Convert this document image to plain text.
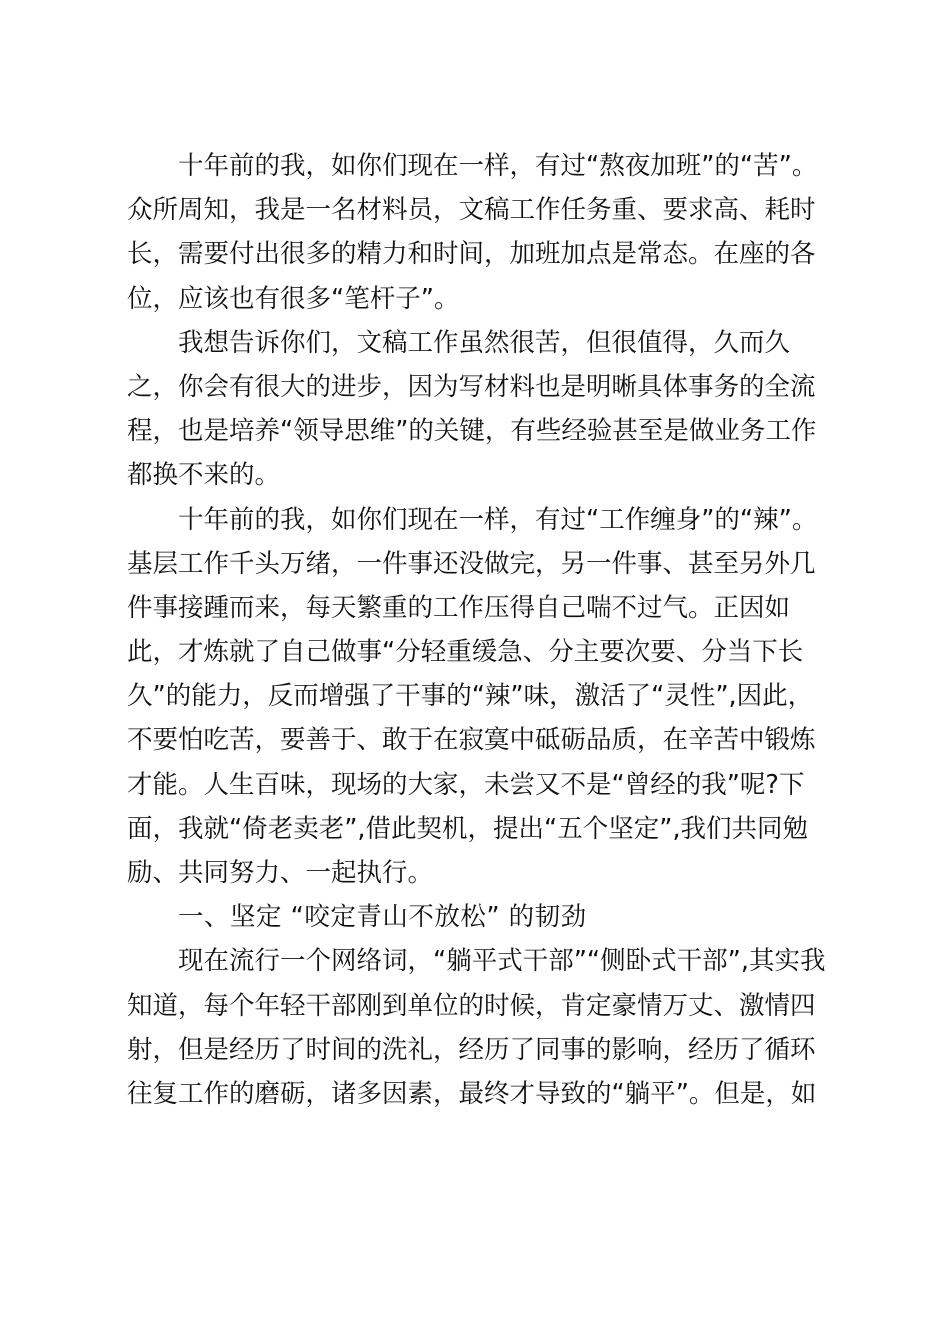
十年前的我，如你们现在一样，有过“熬夜加班”的“苦”。
众所周知，我是一名材料员，文稿工作任务重、要求高、耗时
长，需要付出很多的精力和时间，加班加点是常态。在座的各
位，应该也有很多“笔杆子”。
我想告诉你们，文稿工作虽然很苦，但很值得，久而久
之，你会有很大的进步，因为写材料也是明晰具体事务的全流
程，也是培养“领导思维”的关键，有些经验甚至是做业务工作
都换不来的。
十年前的我，如你们现在一样，有过“工作缠身”的“辣”。
基层工作千头万绪，一件事还没做完，另一件事、甚至另外几
件事接踵而来，每天繁重的工作压得自己喘不过气。正因如
此，才炼就了自己做事“分轻重缓急、分主要次要、分当下长
久”的能力，反而增强了干事的“辣”味，激活了“灵性”,因此，
不要怕吃苦，要善于、敢于在寂寞中砥砺品质，在辛苦中锻炼
才能。人生百味，现场的大家，未尝又不是“曾经的我”呢?下
面，我就“倚老卖老”,借此契机，提出“五个坚定”,我们共同勉
励、共同努力、一起执行。
一、坚定 “咬定青山不放松” 的韧劲
现在流行一个网络词，“躺平式干部”“侧卧式干部”,其实我
知道，每个年轻干部刚到单位的时候，肯定豪情万丈、激情四
射，但是经历了时间的洗礼，经历了同事的影响，经历了循环
往复工作的磨砺，诸多因素，最终才导致的“躺平”。但是，如
